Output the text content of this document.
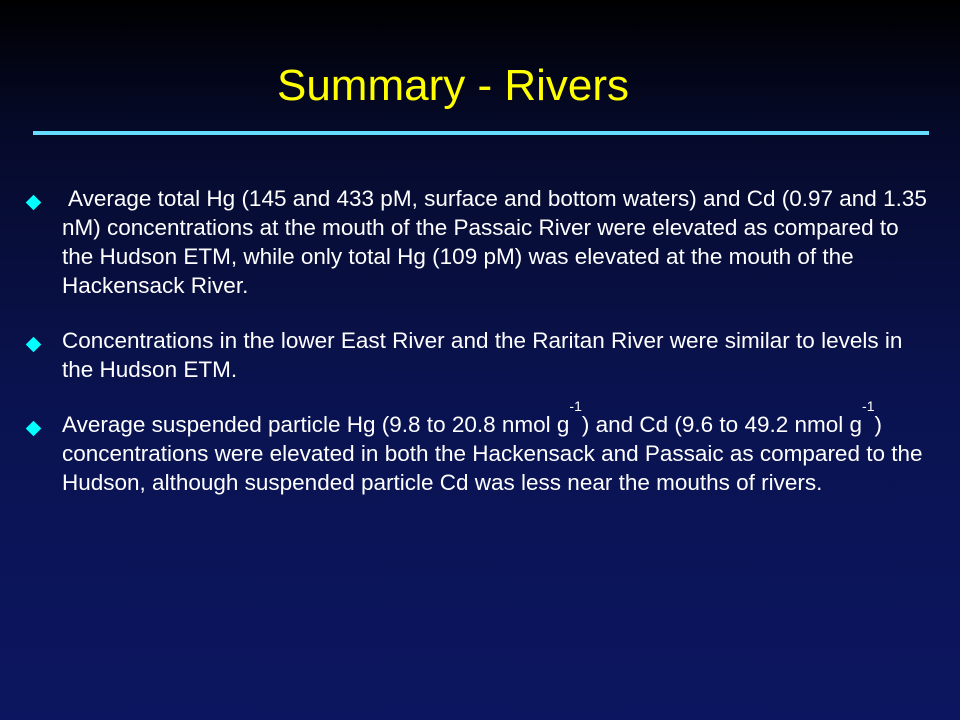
Summary - Rivers
Average total Hg (145 and 433 pM, surface and bottom waters) and Cd (0.97 and 1.35 nM) concentrations at the mouth of the Passaic River were elevated as compared to the Hudson ETM, while only total Hg (109 pM) was elevated at the mouth of the Hackensack River.
Concentrations in the lower East River and the Raritan River were similar to levels in the Hudson ETM.
Average suspended particle Hg (9.8 to 20.8 nmol $g^{-1}$) and Cd (9.6 to 49.2 nmol $g^{-1}$) concentrations were elevated in both the Hackensack and Passaic as compared to the Hudson, although suspended particle Cd was less near the mouths of rivers.
